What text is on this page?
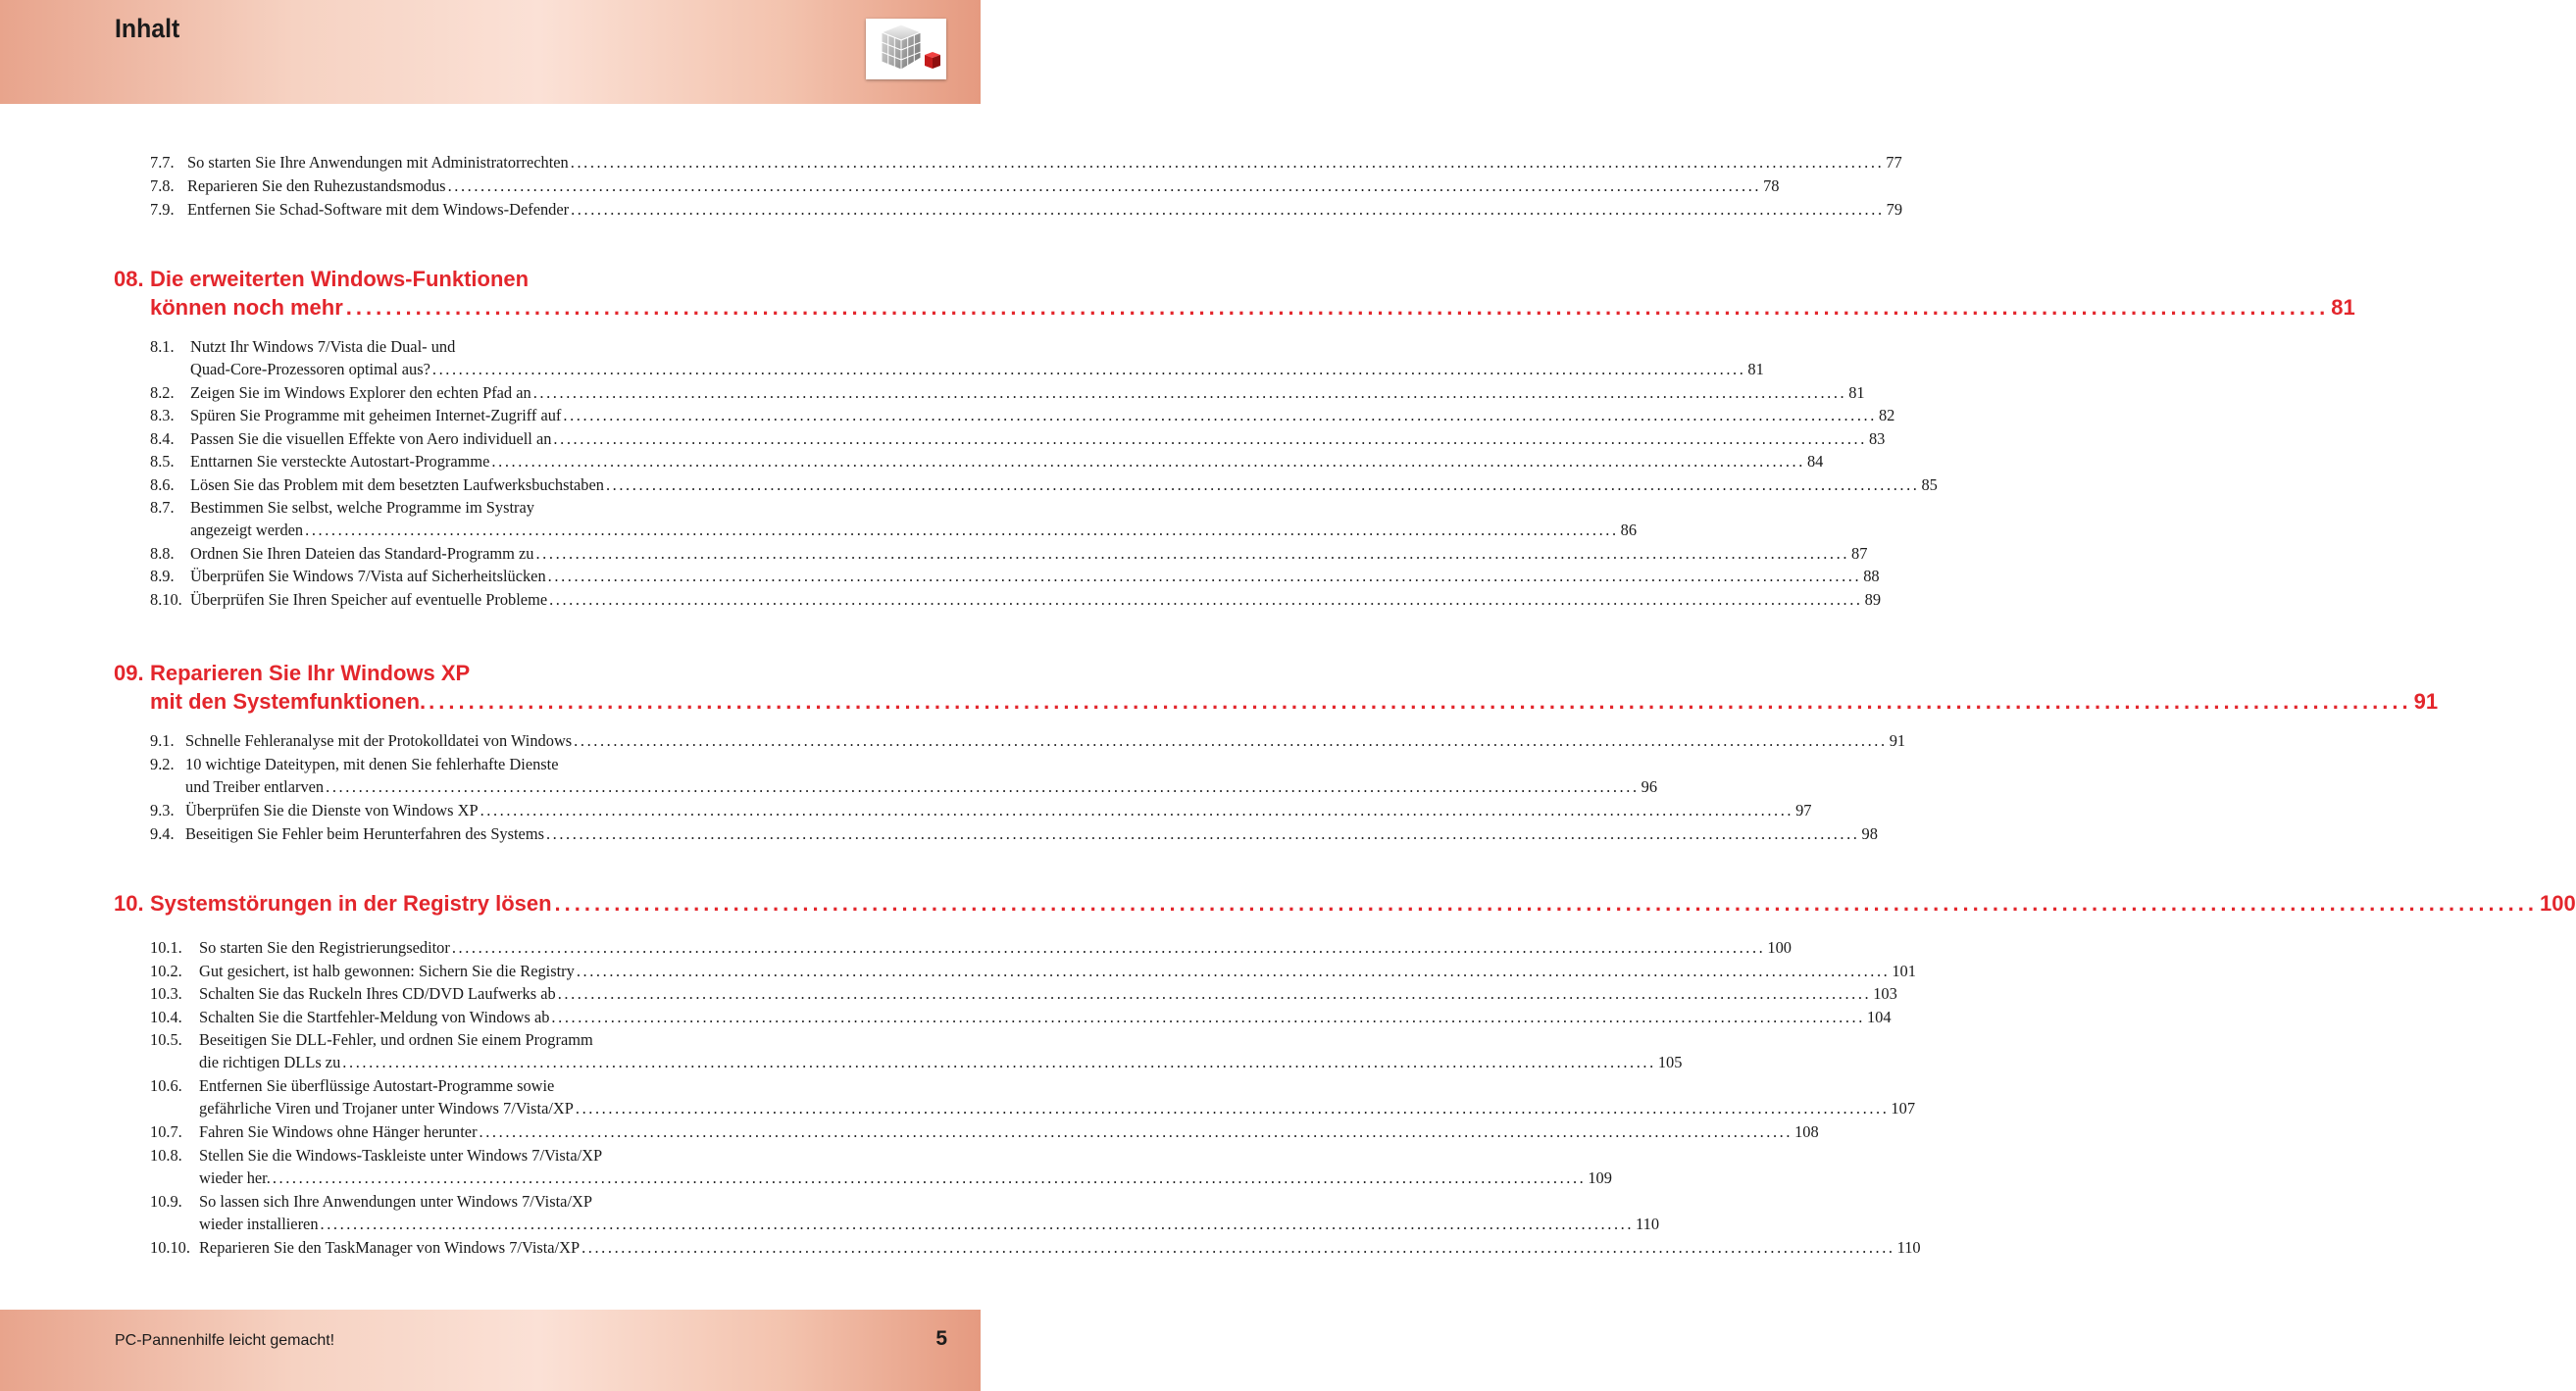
Inhalt
7.7. So starten Sie Ihre Anwendungen mit Administratorrechten ........................................................................................................................................................................................................ 77
7.8. Reparieren Sie den Ruhezustandsmodus ........................................................................................................................................................................................................ 78
7.9. Entfernen Sie Schad-Software mit dem Windows-Defender ........................................................................................................................................................................................................ 79
08. Die erweiterten Windows-Funktionen
können noch mehr ........................................................................................................................................................................................................ 81
8.1.	Nutzt Ihr Windows 7/Vista die Dual- und
Quad-Core-Prozessoren optimal aus? ........................................................................................................................................................................................................ 81
8.2.	Zeigen Sie im Windows Explorer den echten Pfad an ........................................................................................................................................................................................................ 81
8.3.	Spüren Sie Programme mit geheimen Internet-Zugriff auf ........................................................................................................................................................................................................ 82
8.4.	Passen Sie die visuellen Effekte von Aero individuell an ........................................................................................................................................................................................................ 83
8.5.	Enttarnen Sie versteckte Autostart-Programme ........................................................................................................................................................................................................ 84
8.6.	Lösen Sie das Problem mit dem besetzten Laufwerksbuchstaben ........................................................................................................................................................................................................ 85
8.7.	Bestimmen Sie selbst, welche Programme im Systray
angezeigt werden ........................................................................................................................................................................................................ 86
8.8.	Ordnen Sie Ihren Dateien das Standard-Programm zu ........................................................................................................................................................................................................ 87
8.9.	Überprüfen Sie Windows 7/Vista auf Sicherheitslücken ........................................................................................................................................................................................................ 88
8.10. Überprüfen Sie Ihren Speicher auf eventuelle Probleme ........................................................................................................................................................................................................ 89
09. Reparieren Sie Ihr Windows XP
mit den Systemfunktionen. ........................................................................................................................................................................................................ 91
9.1. Schnelle Fehleranalyse mit der Protokolldatei von Windows ........................................................................................................................................................................................................ 91
9.2. 10 wichtige Dateitypen, mit denen Sie fehlerhafte Dienste
und Treiber entlarven ........................................................................................................................................................................................................ 96
9.3. Überprüfen Sie die Dienste von Windows XP ........................................................................................................................................................................................................ 97
9.4. Beseitigen Sie Fehler beim Herunterfahren des Systems ........................................................................................................................................................................................................ 98
10. Systemstörungen in der Registry lösen ........................................................................................................................................................................................................ 100
10.1.	So starten Sie den Registrierungseditor ........................................................................................................................................................................................................ 100
10.2.	Gut gesichert, ist halb gewonnen: Sichern Sie die Registry ........................................................................................................................................................................................................ 101
10.3.	Schalten Sie das Ruckeln Ihres CD/DVD Laufwerks ab ........................................................................................................................................................................................................ 103
10.4.	Schalten Sie die Startfehler-Meldung von Windows ab ........................................................................................................................................................................................................ 104
10.5.	Beseitigen Sie DLL-Fehler, und ordnen Sie einem Programm
die richtigen DLLs zu ........................................................................................................................................................................................................ 105
10.6.	Entfernen Sie überflüssige Autostart-Programme sowie
gefährliche Viren und Trojaner unter Windows 7/Vista/XP ........................................................................................................................................................................................................ 107
10.7.	Fahren Sie Windows ohne Hänger herunter ........................................................................................................................................................................................................ 108
10.8.	Stellen Sie die Windows-Taskleiste unter Windows 7/Vista/XP
wieder her. ........................................................................................................................................................................................................ 109
10.9.	So lassen sich Ihre Anwendungen unter Windows 7/Vista/XP
wieder installieren ........................................................................................................................................................................................................ 110
10.10. Reparieren Sie den TaskManager von Windows 7/Vista/XP ........................................................................................................................................................................................................ 110
PC-Pannenhilfe leicht gemacht!	5
